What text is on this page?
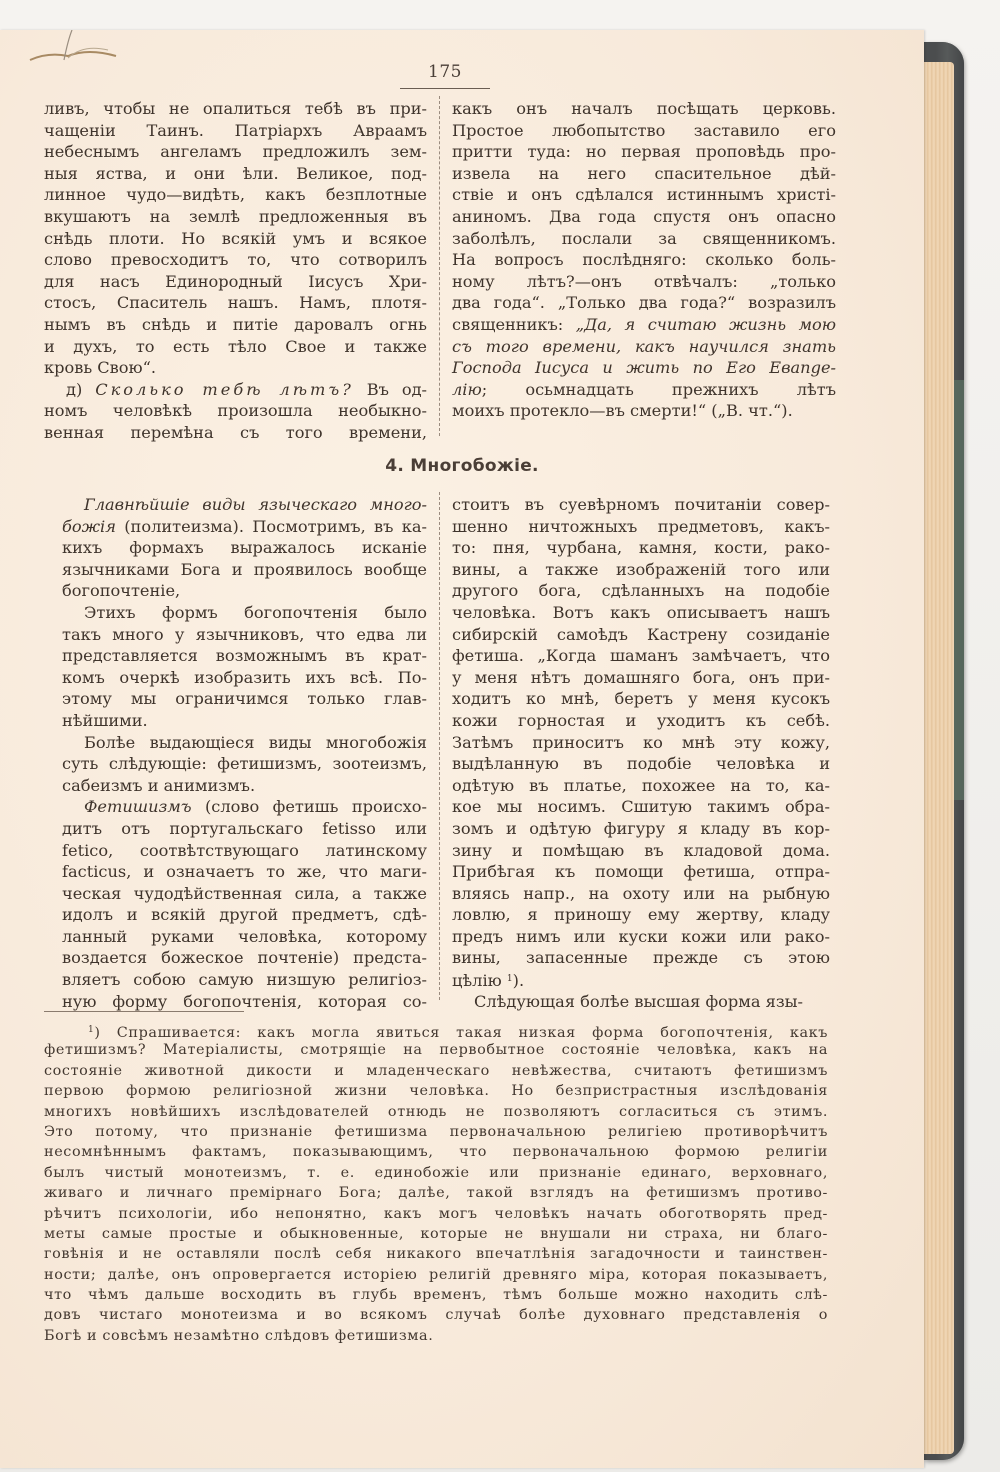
175
ливъ, чтобы не опалиться тебѣ въ при-
чащеніи Таинъ. Патріархъ Авраамъ
небеснымъ ангеламъ предложилъ зем-
ныя яства, и они ѣли. Великое, под-
линное чудо—видѣть, какъ безплотные
вкушаютъ на землѣ предложенныя въ
снѣдь плоти. Но всякій умъ и всякое
слово превосходитъ то, что сотворилъ
для насъ Единородный Іисусъ Хри-
стосъ, Спаситель нашъ. Намъ, плотя-
нымъ въ снѣдь и питіе даровалъ огнь
и духъ, то есть тѣло Свое и также
кровь Свою“.
д) Сколько тебѣ лѣтъ? Въ од-
номъ человѣкѣ произошла необыкно-
венная перемѣна съ того времени,
какъ онъ началъ посѣщать церковь.
Простое любопытство заставило его
притти туда: но первая проповѣдь про-
извела на него спасительное дѣй-
ствіе и онъ сдѣлался истиннымъ христі-
аниномъ. Два года спустя онъ опасно
заболѣлъ, послали за священникомъ.
На вопросъ послѣдняго: сколько боль-
ному лѣтъ?—онъ отвѣчалъ: „только
два года“. „Только два года?“ возразилъ
священникъ: „Да, я считаю жизнь мою
съ того времени, какъ научился знать
Господа Іисуса и жить по Его Евange-
лію; осьмнадцать прежнихъ лѣтъ
моихъ протекло—въ смерти!“ („В. чт.“).
4. Многобожіе.
Главнѣйшіе виды языческаго много-
божія (политеизма). Посмотримъ, въ ка-
кихъ формахъ выражалось исканіе
язычниками Бога и проявилось вообще
богопочтеніе,
Этихъ формъ богопочтенія было
такъ много у язычниковъ, что едва ли
представляется возможнымъ въ крат-
комъ очеркѣ изобразить ихъ всѣ. По-
этому мы ограничимся только глав-
нѣйшими.
Болѣе выдающіеся виды многобожія
суть слѣдующіе: фетишизмъ, зоотеизмъ,
сабеизмъ и анимизмъ.
Фетишизмъ (слово фетишь происхо-
дитъ отъ португальскаго fetisso или
fetico, соотвѣтствующаго латинскому
facticus, и означаетъ то же, что маги-
ческая чудодѣйственная сила, а также
идолъ и всякій другой предметъ, сдѣ-
ланный руками человѣка, которому
воздается божеское почтеніе) предста-
вляетъ собою самую низшую религіоз-
ную форму богопочтенія, которая со-
стоитъ въ суевѣрномъ почитаніи совер-
шенно ничтожныхъ предметовъ, какъ-
то: пня, чурбана, камня, кости, рако-
вины, а также изображеній того или
другого бога, сдѣланныхъ на подобіе
человѣка. Вотъ какъ описываетъ нашъ
сибирскій самоѣдъ Кастрену созиданіе
фетиша. „Когда шаманъ замѣчаетъ, что
у меня нѣтъ домашняго бога, онъ при-
ходитъ ко мнѣ, беретъ у меня кусокъ
кожи горностая и уходитъ къ себѣ.
Затѣмъ приноситъ ко мнѣ эту кожу,
выдѣланную въ подобіе человѣка и
одѣтую въ платье, похожее на то, ка-
кое мы носимъ. Сшитую такимъ обра-
зомъ и одѣтую фигуру я кладу въ кор-
зину и помѣщаю въ кладовой дома.
Прибѣгая къ помощи фетиша, отпра-
вляясь напр., на охоту или на рыбную
ловлю, я приношу ему жертву, кладу
предъ нимъ или куски кожи или рако-
вины, запасенные прежде съ этою
цѣлію $^1$).
Слѣдующая болѣе высшая форма язы-
$^1$) Спрашивается: какъ могла явиться такая низкая форма богопочтенія, какъ
фетишизмъ? Матеріалисты, смотрящіе на первобытное состояніе человѣка, какъ на
состояніе животной дикости и младенческаго невѣжества, считаютъ фетишизмъ
первою формою религіозной жизни человѣка. Но безпристрастныя изслѣдованія
многихъ новѣйшихъ изслѣдователей отнюдь не позволяютъ согласиться съ этимъ.
Это потому, что признаніе фетишизма первоначальною религіею противорѣчитъ
несомнѣннымъ фактамъ, показывающимъ, что первоначальною формою религіи
былъ чистый монотеизмъ, т. е. единобожіе или признаніе единаго, верховнаго,
живаго и личнаго премірнаго Бога; далѣе, такой взглядъ на фетишизмъ противо-
рѣчитъ психологіи, ибо непонятно, какъ могъ человѣкъ начать обоготворять пред-
меты самые простые и обыкновенные, которые не внушали ни страха, ни благо-
говѣнія и не оставляли послѣ себя никакого впечатлѣнія загадочности и таинствен-
ности; далѣе, онъ опровергается исторіею религій древняго міра, которая показываетъ,
что чѣмъ дальше восходить въ глубь временъ, тѣмъ больше можно находить слѣ-
довъ чистаго монотеизма и во всякомъ случаѣ болѣе духовнаго представленія о
Богѣ и совсѣмъ незамѣтно слѣдовъ фетишизма.
